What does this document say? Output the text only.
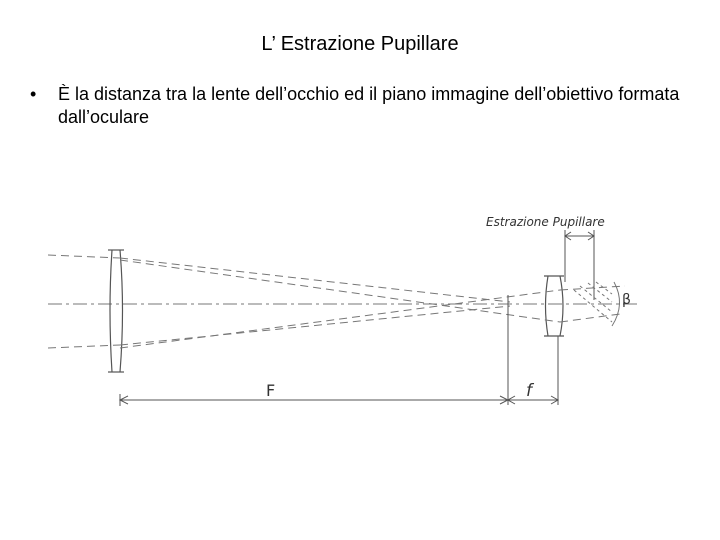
L’ Estrazione Pupillare
• È la distanza tra la lente dell’occhio ed il piano immagine dell’obiettivo formata dall’oculare
F	f
Estrazione Pupillare
β
